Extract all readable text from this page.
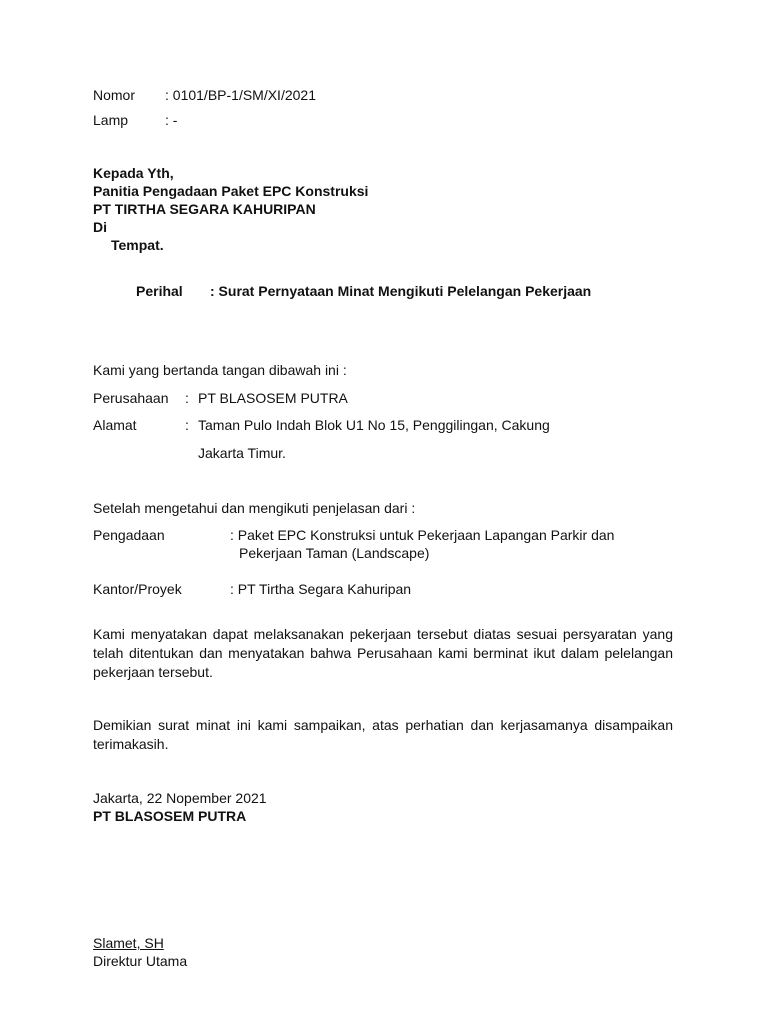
Nomor : 0101/BP-1/SM/XI/2021
Lamp	: -
Kepada Yth,
Panitia Pengadaan Paket EPC Konstruksi
PT TIRTHA SEGARA KAHURIPAN
Di
Tempat.
Perihal : Surat Pernyataan Minat Mengikuti Pelelangan Pekerjaan
Kami yang bertanda tangan dibawah ini :
Perusahaan : PT BLASOSEM PUTRA
Alamat	: Taman Pulo Indah Blok U1 No 15, Penggilingan, Cakung
Jakarta Timur.
Setelah mengetahui dan mengikuti penjelasan dari :
Pengadaan	: Paket EPC Konstruksi untuk Pekerjaan Lapangan Parkir dan
Pekerjaan Taman (Landscape)
Kantor/Proyek	: PT Tirtha Segara Kahuripan
Kami menyatakan dapat melaksanakan pekerjaan tersebut diatas sesuai persyaratan yang telah ditentukan dan menyatakan bahwa Perusahaan kami berminat ikut dalam pelelangan pekerjaan tersebut.
Demikian surat minat ini kami sampaikan, atas perhatian dan kerjasamanya disampaikan terimakasih.
Jakarta, 22 Nopember 2021
PT BLASOSEM PUTRA
Slamet, SH
Direktur Utama
